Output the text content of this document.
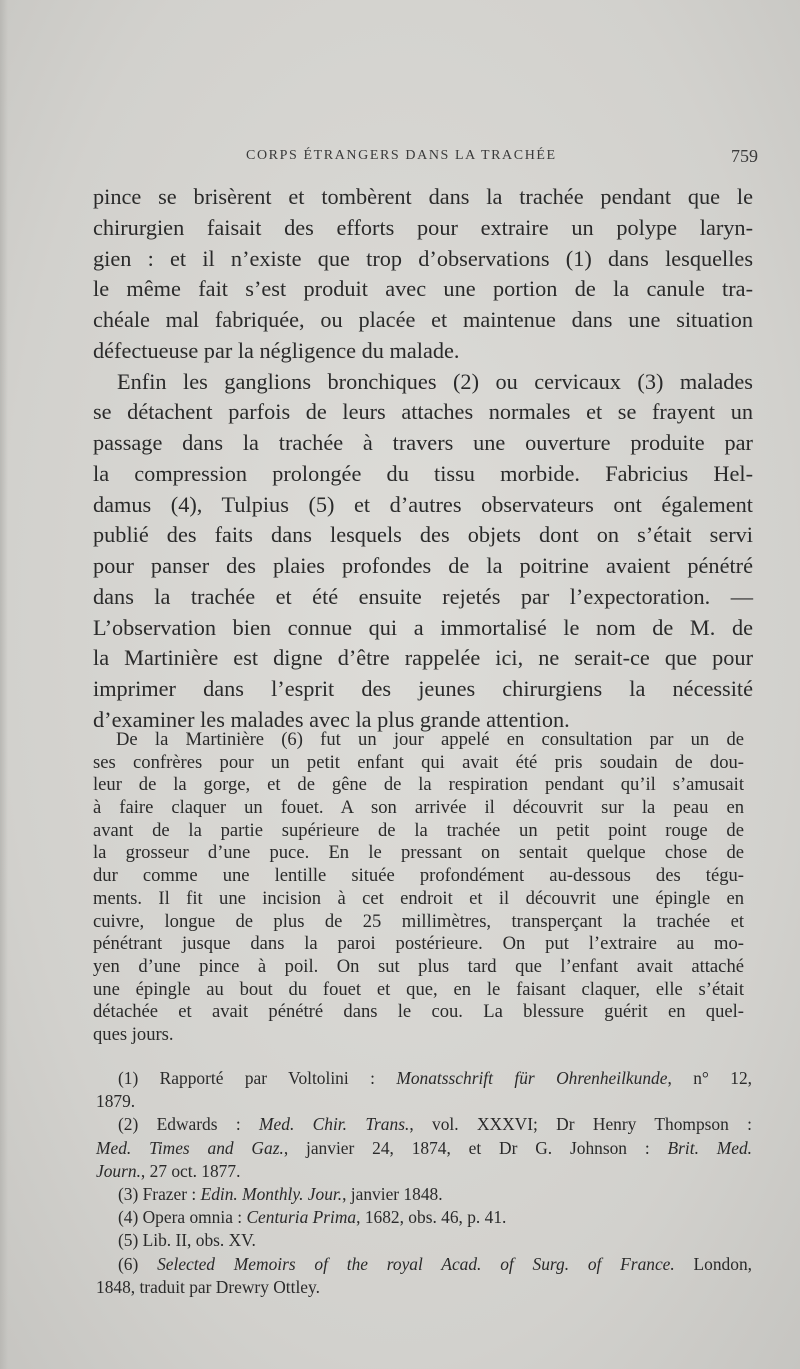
CORPS ÉTRANGERS DANS LA TRACHÉE	759
pince se brisèrent et tombèrent dans la trachée pendant que le
chirurgien faisait des efforts pour extraire un polype laryn-
gien : et il n’existe que trop d’observations (1) dans lesquelles
le même fait s’est produit avec une portion de la canule tra-
chéale mal fabriquée, ou placée et maintenue dans une situation
défectueuse par la négligence du malade.
Enfin les ganglions bronchiques (2) ou cervicaux (3) malades
se détachent parfois de leurs attaches normales et se frayent un
passage dans la trachée à travers une ouverture produite par
la compression prolongée du tissu morbide. Fabricius Hel-
damus (4), Tulpius (5) et d’autres observateurs ont également
publié des faits dans lesquels des objets dont on s’était servi
pour panser des plaies profondes de la poitrine avaient pénétré
dans la trachée et été ensuite rejetés par l’expectoration. —
L’observation bien connue qui a immortalisé le nom de M. de
la Martinière est digne d’être rappelée ici, ne serait-ce que pour
imprimer dans l’esprit des jeunes chirurgiens la nécessité
d’examiner les malades avec la plus grande attention.
De la Martinière (6) fut un jour appelé en consultation par un de
ses confrères pour un petit enfant qui avait été pris soudain de dou-
leur de la gorge, et de gêne de la respiration pendant qu’il s’amusait
à faire claquer un fouet. A son arrivée il découvrit sur la peau en
avant de la partie supérieure de la trachée un petit point rouge de
la grosseur d’une puce. En le pressant on sentait quelque chose de
dur comme une lentille située profondément au-dessous des tégu-
ments. Il fit une incision à cet endroit et il découvrit une épingle en
cuivre, longue de plus de 25 millimètres, transperçant la trachée et
pénétrant jusque dans la paroi postérieure. On put l’extraire au mo-
yen d’une pince à poil. On sut plus tard que l’enfant avait attaché
une épingle au bout du fouet et que, en le faisant claquer, elle s’était
détachée et avait pénétré dans le cou. La blessure guérit en quel-
ques jours.
(1) Rapporté par Voltolini : Monatsschrift für Ohrenheilkunde, n° 12,
1879.
(2) Edwards : Med. Chir. Trans., vol. XXXVI; Dr Henry Thompson :
Med. Times and Gaz., janvier 24, 1874, et Dr G. Johnson : Brit. Med.
Journ., 27 oct. 1877.
(3) Frazer : Edin. Monthly. Jour., janvier 1848.
(4) Opera omnia : Centuria Prima, 1682, obs. 46, p. 41.
(5) Lib. II, obs. XV.
(6) Selected Memoirs of the royal Acad. of Surg. of France. London,
1848, traduit par Drewry Ottley.
